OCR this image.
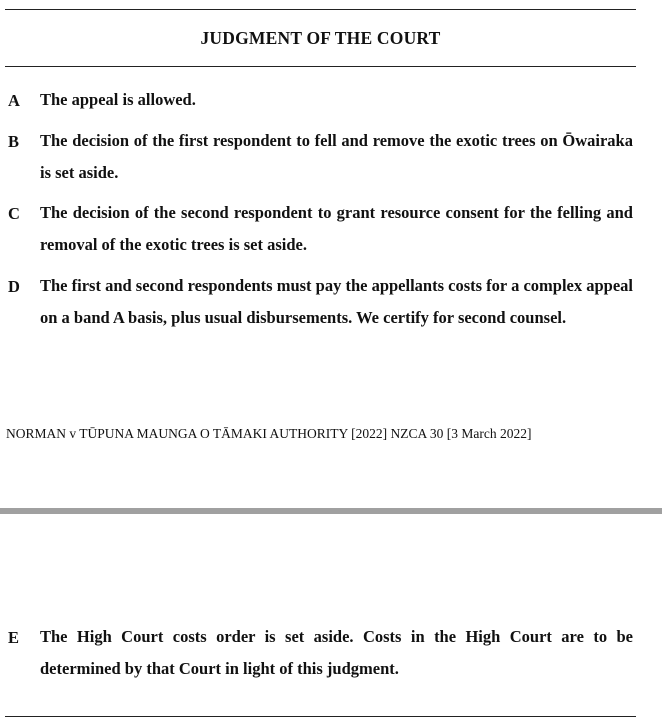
JUDGMENT OF THE COURT
A The appeal is allowed.
B The decision of the first respondent to fell and remove the exotic trees on Ōwairaka is set aside.
C The decision of the second respondent to grant resource consent for the felling and removal of the exotic trees is set aside.
D The first and second respondents must pay the appellants costs for a complex appeal on a band A basis, plus usual disbursements. We certify for second counsel.
NORMAN v TŪPUNA MAUNGA O TĀMAKI AUTHORITY [2022] NZCA 30 [3 March 2022]
E The High Court costs order is set aside. Costs in the High Court are to be determined by that Court in light of this judgment.
